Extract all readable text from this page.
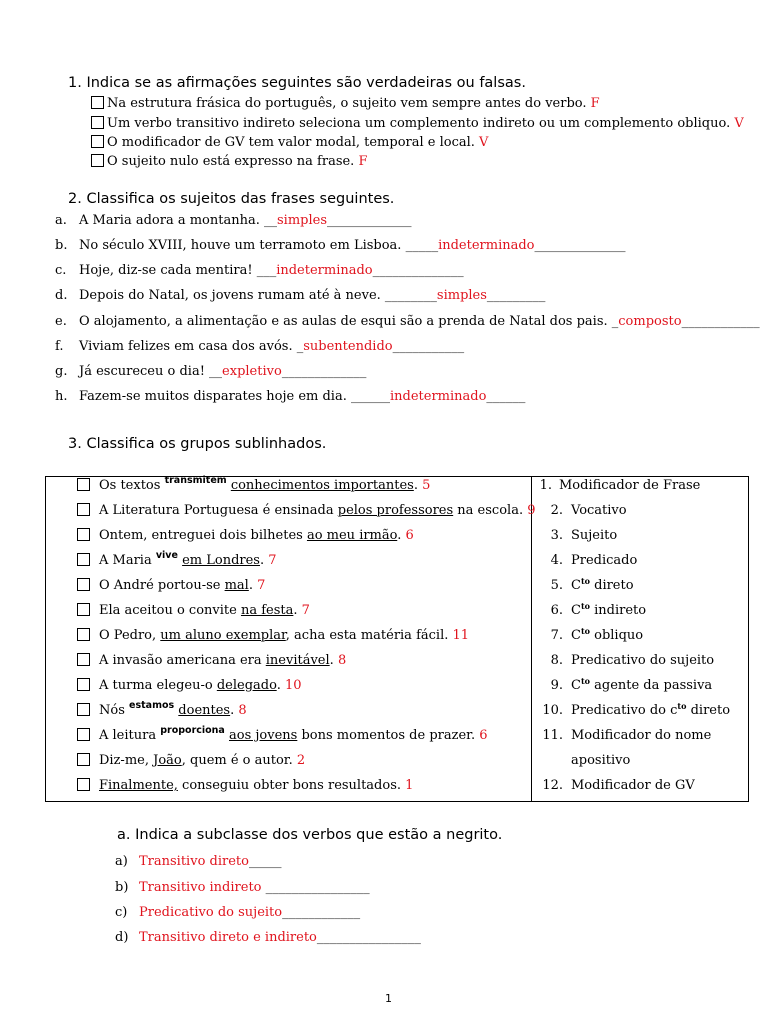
1. Indica se as afirmações seguintes são verdadeiras ou falsas.
Na estrutura frásica do português, o sujeito vem sempre antes do verbo. F
Um verbo transitivo indireto seleciona um complemento indireto ou um complemento obliquo. V
O modificador de GV tem valor modal, temporal e local. V
O sujeito nulo está expresso na frase. F
2. Classifica os sujeitos das frases seguintes.
a. A Maria adora a montanha. __simples_____________
b. No século XVIII, houve um terramoto em Lisboa. _____indeterminado______________
c. Hoje, diz-se cada mentira! ___indeterminado______________
d. Depois do Natal, os jovens rumam até à neve. ________simples_________
e. O alojamento, a alimentação e as aulas de esqui são a prenda de Natal dos pais. _composto____________
f. Viviam felizes em casa dos avós. _subentendido___________
g. Já escureceu o dia! __expletivo_____________
h. Fazem-se muitos disparates hoje em dia. ______indeterminado______
3. Classifica os grupos sublinhados.
Os textos $^{transmitem}$ conhecimentos importantes. 5
A Literatura Portuguesa é ensinada pelos professores na escola. 9
Ontem, entreguei dois bilhetes ao meu irmão. 6
A Maria $^{vive}$ em Londres. 7
O André portou-se mal. 7
Ela aceitou o convite na festa. 7
O Pedro, um aluno exemplar, acha esta matéria fácil. 11
A invasão americana era inevitável. 8
A turma elegeu-o delegado. 10
Nós $^{estamos}$ doentes. 8
A leitura $^{proporciona}$ aos jovens bons momentos de prazer. 6
Diz-me, João, quem é o autor. 2
Finalmente, conseguiu obter bons resultados. 1
1. Modificador de Frase
2. Vocativo
3. Sujeito
4. Predicado
5. $C^{to}$ direto
6. $C^{to}$ indireto
7. $C^{to}$ obliquo
8. Predicativo do sujeito
9. $C^{to}$ agente da passiva
10. Predicativo do $c^{to}$ direto
11. Modificador do nome
apositivo
12. Modificador de GV
a. Indica a subclasse dos verbos que estão a negrito.
a) Transitivo direto_____
b) Transitivo indireto ________________
c) Predicativo do sujeito____________
d) Transitivo direto e indireto________________
1
